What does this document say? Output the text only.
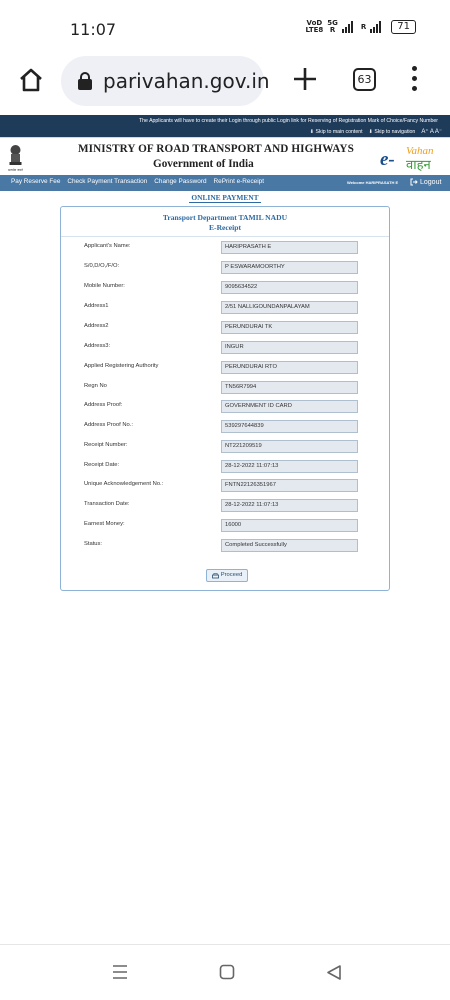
11:07	VoD
LTE8
5G
R	R	71
parivahan.gov.in	63
The Applicants will have to create their Login through public Login link for Reserving of Registration Mark of Choice/Fancy Number
⬇ Skip to main content ⬇ Skip to navigation A⁺ A A⁻
सत्यमेव जयते
MINISTRY OF ROAD TRANSPORT AND HIGHWAYS
Government of India	e- Vahan
वाहन
Pay Reserve Fee Check Payment Transaction Change Password RePrint e-Receipt	Welcome HARIPRASATH E	Logout
ONLINE PAYMENT
Transport Department TAMIL NADU
E-Receipt
Applicant's Name:	HARIPRASATH E
S/0,D/O,/F/O:	P ESWARAMOORTHY
Mobile Number:	9095634522
Address1	2/51 NALLIGOUNDANPALAYAM
Address2	PERUNDURAI TK
Address3:	INGUR
Applied Registering Authority	PERUNDURAI RTO
Regn No	TN56R7994
Address Proof:	GOVERNMENT ID CARD
Address Proof No.:	539297644839
Receipt Number:	NT221209519
Receipt Date:	28-12-2022 11:07:13
Unique Acknowledgement No.:	FNTN22126351967
Transaction Date:	28-12-2022 11:07:13
Earnest Money:	16000
Status:	Completed Successfully
Proceed
